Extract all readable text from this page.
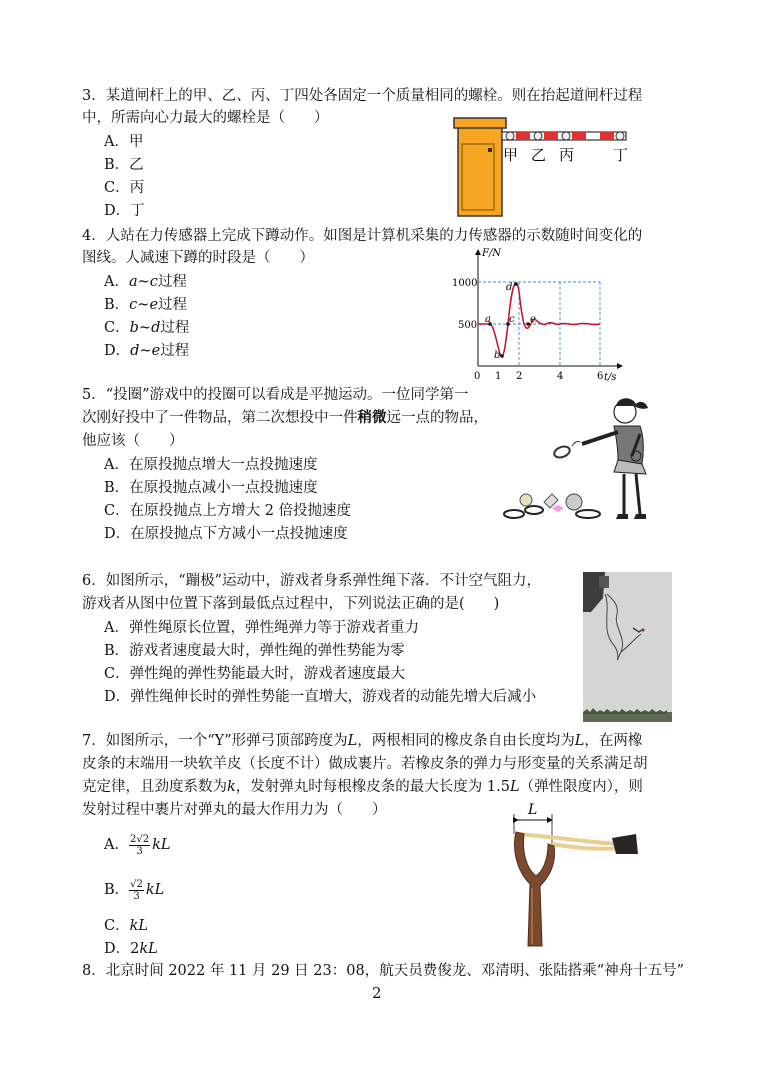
3．某道闸杆上的甲、乙、丙、丁四处各固定一个质量相同的螺栓。则在抬起道闸杆过程
中，所需向心力最大的螺栓是（　　）
A．甲
B．乙
C．丙
D．丁
甲 乙 丙	丁
4．人站在力传感器上完成下蹲动作。如图是计算机采集的力传感器的示数随时间变化的
图线。人减速下蹲的时段是（　　）
A．a~c过程
B．c~e过程
C．b~d过程
D．d~e过程
a
b
c
d
e
F/N
t/s
1000
500
0 1 2	4	6
5．“投圈”游戏中的投圈可以看成是平抛运动。一位同学第一
次刚好投中了一件物品，第二次想投中一件稍微远一点的物品，
他应该（　　）
A．在原投抛点增大一点投抛速度
B．在原投抛点减小一点投抛速度
C．在原投抛点上方增大 2 倍投抛速度
D．在原投抛点下方减小一点投抛速度
6．如图所示，“蹦极”运动中，游戏者身系弹性绳下落．不计空气阻力，
游戏者从图中位置下落到最低点过程中，下列说法正确的是(　　)
A．弹性绳原长位置，弹性绳弹力等于游戏者重力
B．游戏者速度最大时，弹性绳的弹性势能为零
C．弹性绳的弹性势能最大时，游戏者速度最大
D．弹性绳伸长时的弹性势能一直增大，游戏者的动能先增大后减小
7．如图所示，一个“Y”形弹弓顶部跨度为L，两根相同的橡皮条自由长度均为L，在两橡
皮条的末端用一块软羊皮（长度不计）做成裹片。若橡皮条的弹力与形变量的关系满足胡
克定律，且劲度系数为k，发射弹丸时每根橡皮条的最大长度为 1.5L（弹性限度内），则
发射过程中裹片对弹丸的最大作用力为（　　）
A． $\frac{2√2}{3}$ kL
B． $\frac{√2}{3}$ kL
C．kL
D．2kL
L
8．北京时间 2022 年 11 月 29 日 23：08，航天员费俊龙、邓清明、张陆搭乘“神舟十五号”
2
